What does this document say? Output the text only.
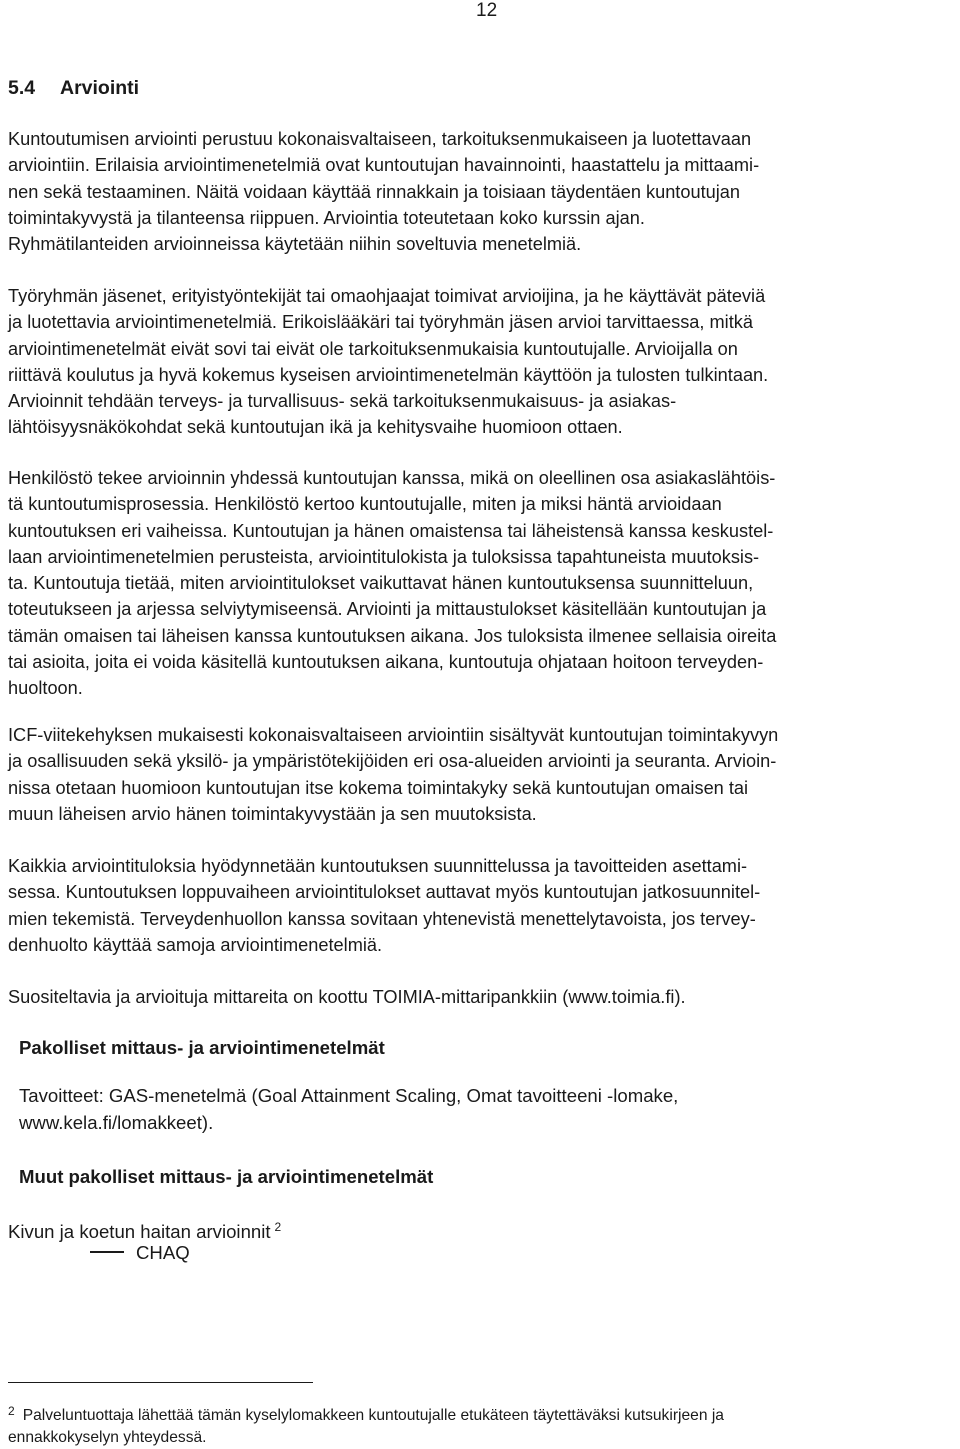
12
5.4 Arviointi

Kuntoutumisen arviointi perustuu kokonaisvaltaiseen, tarkoituksenmukaiseen ja luotettavaan
arviointiin. Erilaisia arviointimenetelmiä ovat kuntoutujan havainnointi, haastattelu ja mittaami-
nen sekä testaaminen. Näitä voidaan käyttää rinnakkain ja toisiaan täydentäen kuntoutujan
toimintakyvystä ja tilanteensa riippuen. Arviointia toteutetaan koko kurssin ajan.
Ryhmätilanteiden arvioinneissa käytetään niihin soveltuvia menetelmiä.

Työryhmän jäsenet, erityistyöntekijät tai omaohjaajat toimivat arvioijina, ja he käyttävät päteviä
ja luotettavia arviointimenetelmiä. Erikoislääkäri tai työryhmän jäsen arvioi tarvittaessa, mitkä
arviointimenetelmät eivät sovi tai eivät ole tarkoituksenmukaisia kuntoutujalle. Arvioijalla on
riittävä koulutus ja hyvä kokemus kyseisen arviointimenetelmän käyttöön ja tulosten tulkintaan.
Arvioinnit tehdään terveys- ja turvallisuus- sekä tarkoituksenmukaisuus- ja asiakas-
lähtöisyysnäkökohdat sekä kuntoutujan ikä ja kehitysvaihe huomioon ottaen.

Henkilöstö tekee arvioinnin yhdessä kuntoutujan kanssa, mikä on oleellinen osa asiakaslähtöis-
tä kuntoutumisprosessia. Henkilöstö kertoo kuntoutujalle, miten ja miksi häntä arvioidaan
kuntoutuksen eri vaiheissa. Kuntoutujan ja hänen omaistensa tai läheistensä kanssa keskustel-
laan arviointimenetelmien perusteista, arviointitulokista ja tuloksissa tapahtuneista muutoksis-
ta. Kuntoutuja tietää, miten arviointitulokset vaikuttavat hänen kuntoutuksensa suunnitteluun,
toteutukseen ja arjessa selviytymiseensä. Arviointi ja mittaustulokset käsitellään kuntoutujan ja
tämän omaisen tai läheisen kanssa kuntoutuksen aikana. Jos tuloksista ilmenee sellaisia oireita
tai asioita, joita ei voida käsitellä kuntoutuksen aikana, kuntoutuja ohjataan hoitoon terveyden-
huoltoon.

ICF-viitekehyksen mukaisesti kokonaisvaltaiseen arviointiin sisältyvät kuntoutujan toimintakyvyn
ja osallisuuden sekä yksilö- ja ympäristötekijöiden eri osa-alueiden arviointi ja seuranta. Arvioin-
nissa otetaan huomioon kuntoutujan itse kokema toimintakyky sekä kuntoutujan omaisen tai
muun läheisen arvio hänen toimintakyvystään ja sen muutoksista.

Kaikkia arviointituloksia hyödynnetään kuntoutuksen suunnittelussa ja tavoitteiden asettami-
sessa. Kuntoutuksen loppuvaiheen arviointitulokset auttavat myös kuntoutujan jatkosuunnitel-
mien tekemistä. Terveydenhuollon kanssa sovitaan yhtenevistä menettelytavoista, jos tervey-
denhuolto käyttää samoja arviointimenetelmiä.

Suositeltavia ja arvioituja mittareita on koottu TOIMIA-mittaripankkiin (www.toimia.fi).

Pakolliset mittaus- ja arviointimenetelmät
Tavoitteet: GAS-menetelmä (Goal Attainment Scaling, Omat tavoitteeni -lomake,
www.kela.fi/lomakkeet).
Muut pakolliset mittaus- ja arviointimenetelmät
Kivun ja koetun haitan arvioinnit $^2$
CHAQ
$^2$ Palveluntuottaja lähettää tämän kyselylomakkeen kuntoutujalle etukäteen täytettäväksi kutsukirjeen ja
ennakkokyselyn yhteydessä.
